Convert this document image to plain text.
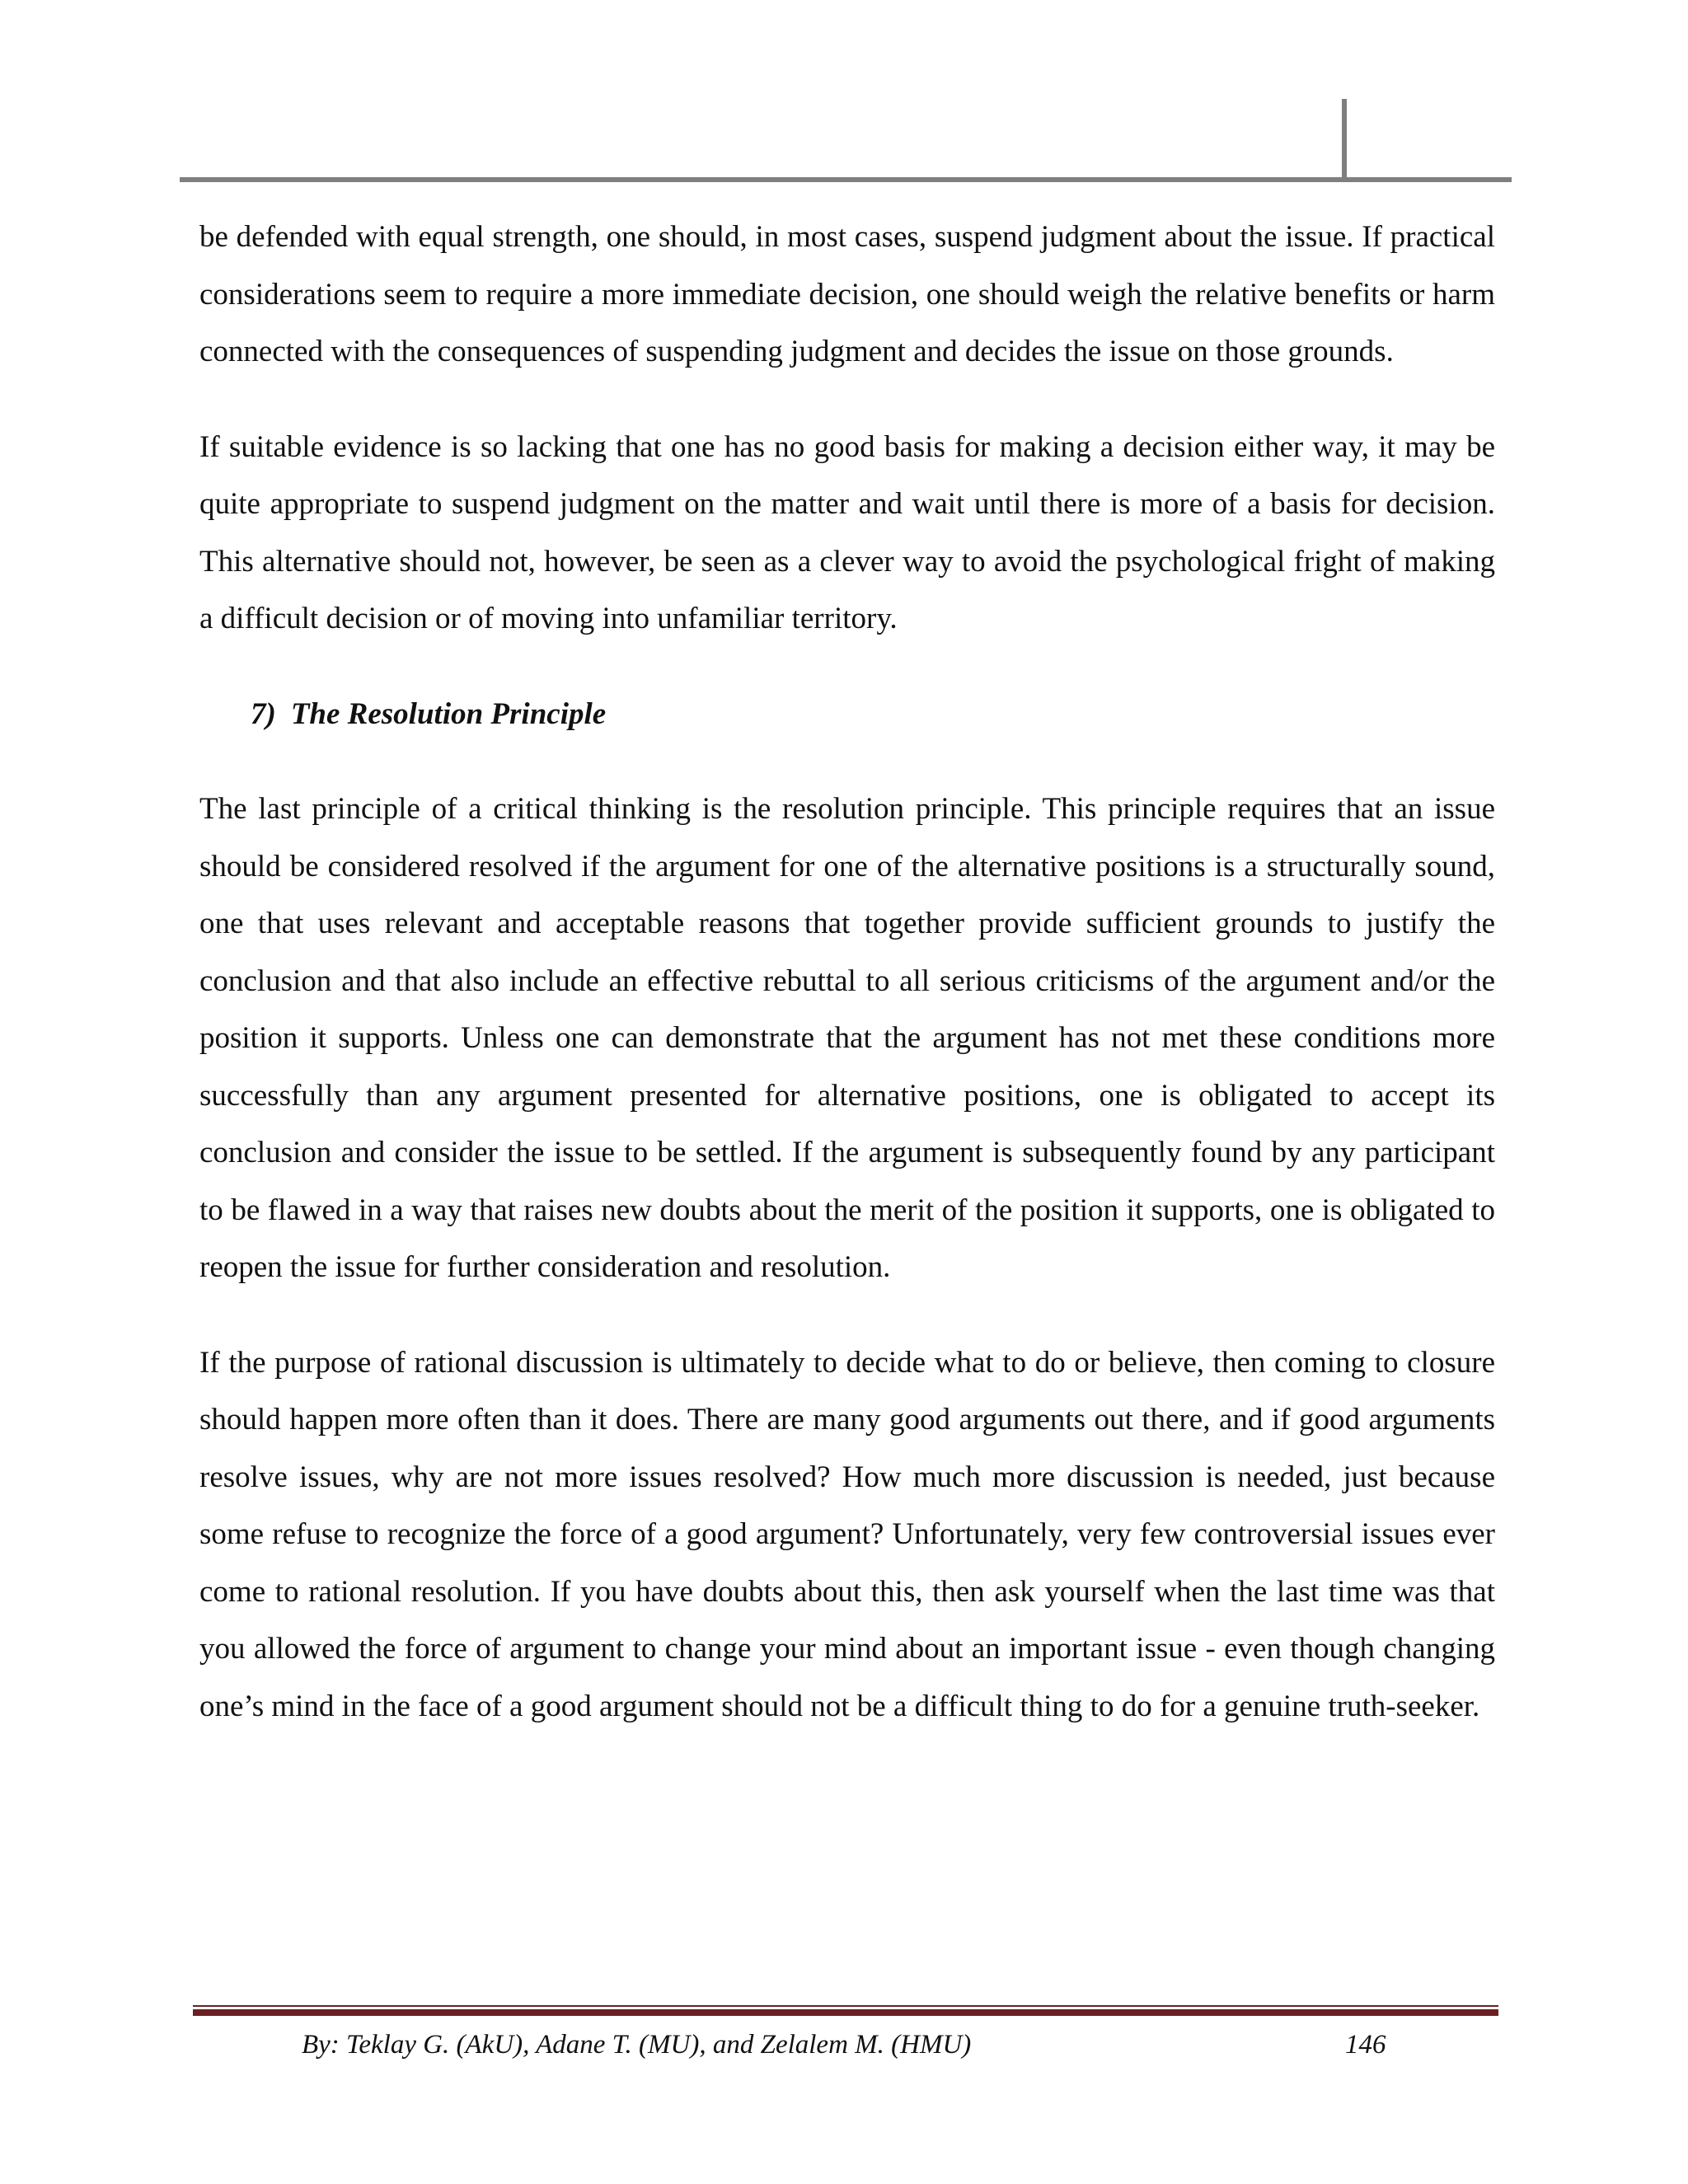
be defended with equal strength, one should, in most cases, suspend judgment about the issue. If practical considerations seem to require a more immediate decision, one should weigh the relative benefits or harm connected with the consequences of suspending judgment and decides the issue on those grounds.

If suitable evidence is so lacking that one has no good basis for making a decision either way, it may be quite appropriate to suspend judgment on the matter and wait until there is more of a basis for decision. This alternative should not, however, be seen as a clever way to avoid the psychological fright of making a difficult decision or of moving into unfamiliar territory.

7) The Resolution Principle

The last principle of a critical thinking is the resolution principle. This principle requires that an issue should be considered resolved if the argument for one of the alternative positions is a structurally sound, one that uses relevant and acceptable reasons that together provide sufficient grounds to justify the conclusion and that also include an effective rebuttal to all serious criticisms of the argument and/or the position it supports. Unless one can demonstrate that the argument has not met these conditions more successfully than any argument presented for alternative positions, one is obligated to accept its conclusion and consider the issue to be settled. If the argument is subsequently found by any participant to be flawed in a way that raises new doubts about the merit of the position it supports, one is obligated to reopen the issue for further consideration and resolution.

If the purpose of rational discussion is ultimately to decide what to do or believe, then coming to closure should happen more often than it does. There are many good arguments out there, and if good arguments resolve issues, why are not more issues resolved? How much more discussion is needed, just because some refuse to recognize the force of a good argument? Unfortunately, very few controversial issues ever come to rational resolution. If you have doubts about this, then ask yourself when the last time was that you allowed the force of argument to change your mind about an important issue - even though changing one’s mind in the face of a good argument should not be a difficult thing to do for a genuine truth-seeker.

By: Teklay G. (AkU), Adane T. (MU), and Zelalem M. (HMU)	146
